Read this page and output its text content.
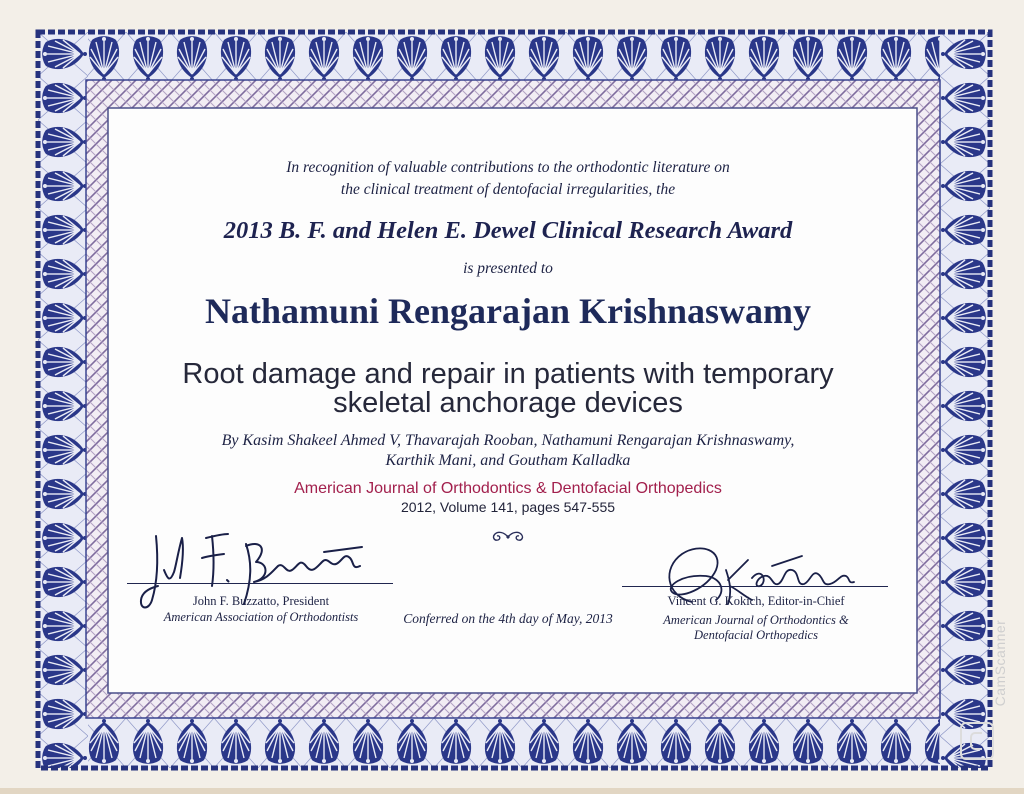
In recognition of valuable contributions to the orthodontic literature on

the clinical treatment of dentofacial irregularities, the

2013 B. F. and Helen E. Dewel Clinical Research Award

is presented to

Nathamuni Rengarajan Krishnaswamy

Root damage and repair in patients with temporary

skeletal anchorage devices

By Kasim Shakeel Ahmed V, Thavarajah Rooban, Nathamuni Rengarajan Krishnaswamy,

Karthik Mani, and Goutham Kalladka

American Journal of Orthodontics & Dentofacial Orthopedics

2012, Volume 141, pages 547-555

John F. Buzzatto, President

American Association of Orthodontists	Conferred on the 4th day of May, 2013

Vincent G. Kokich, Editor-in-Chief

American Journal of Orthodontics &

Dentofacial Orthopedics	CamScanner
